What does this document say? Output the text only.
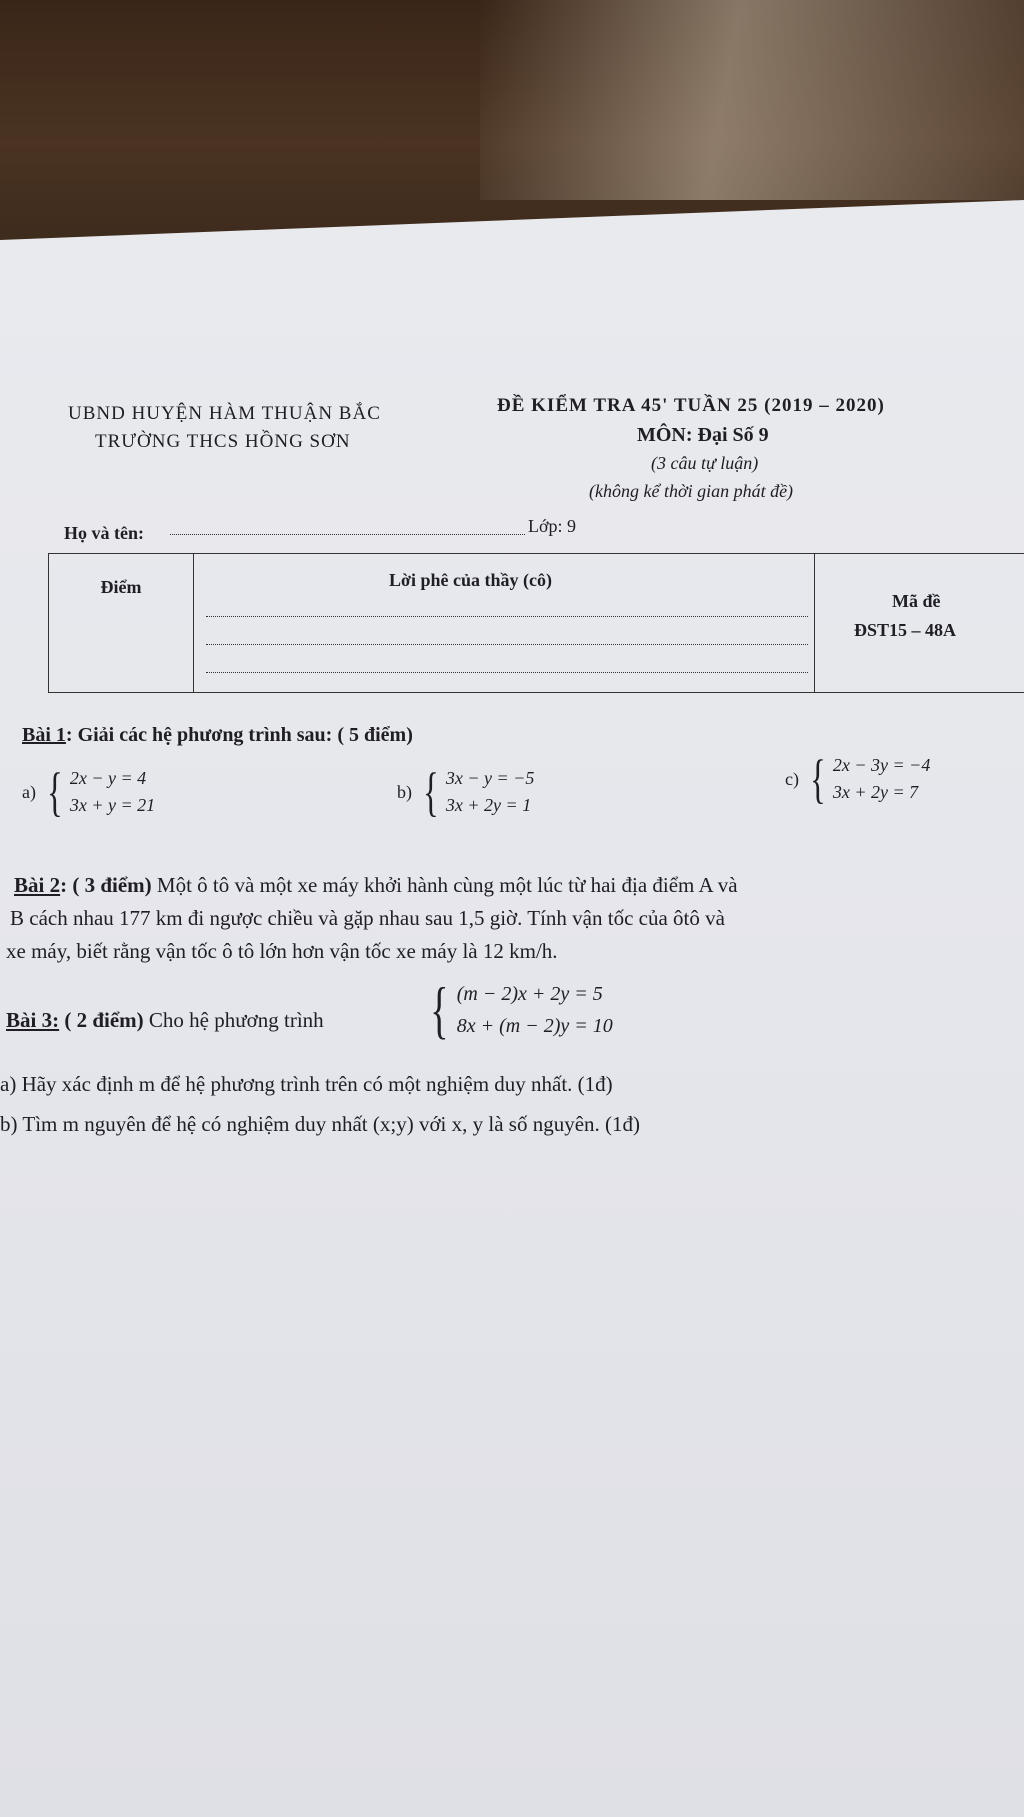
UBND HUYỆN HÀM THUẬN BẮC
TRƯỜNG THCS HỒNG SƠN
ĐỀ KIỂM TRA 45' TUẦN 25 (2019 – 2020)
MÔN: Đại Số 9
(3 câu tự luận)
(không kể thời gian phát đề)
Họ và tên:	Lớp: 9
Điểm	Lời phê của thầy (cô)

Mã đề
ĐST15 – 48A
Bài 1: Giải các hệ phương trình sau: ( 5 điểm)
a) { 2x − y = 4
3x + y = 21
b) { 3x − y = −5
3x + 2y = 1
c) { 2x − 3y = −4
3x + 2y = 7
Bài 2: ( 3 điểm) Một ô tô và một xe máy khởi hành cùng một lúc từ hai địa điểm A và
B cách nhau 177 km đi ngược chiều và gặp nhau sau 1,5 giờ. Tính vận tốc của ôtô và
xe máy, biết rằng vận tốc ô tô lớn hơn vận tốc xe máy là 12 km/h.
Bài 3: ( 2 điểm) Cho hệ phương trình { (m − 2)x + 2y = 5
8x + (m − 2)y = 10
a) Hãy xác định m để hệ phương trình trên có một nghiệm duy nhất. (1đ)
b) Tìm m nguyên để hệ có nghiệm duy nhất (x;y) với x, y là số nguyên. (1đ)
